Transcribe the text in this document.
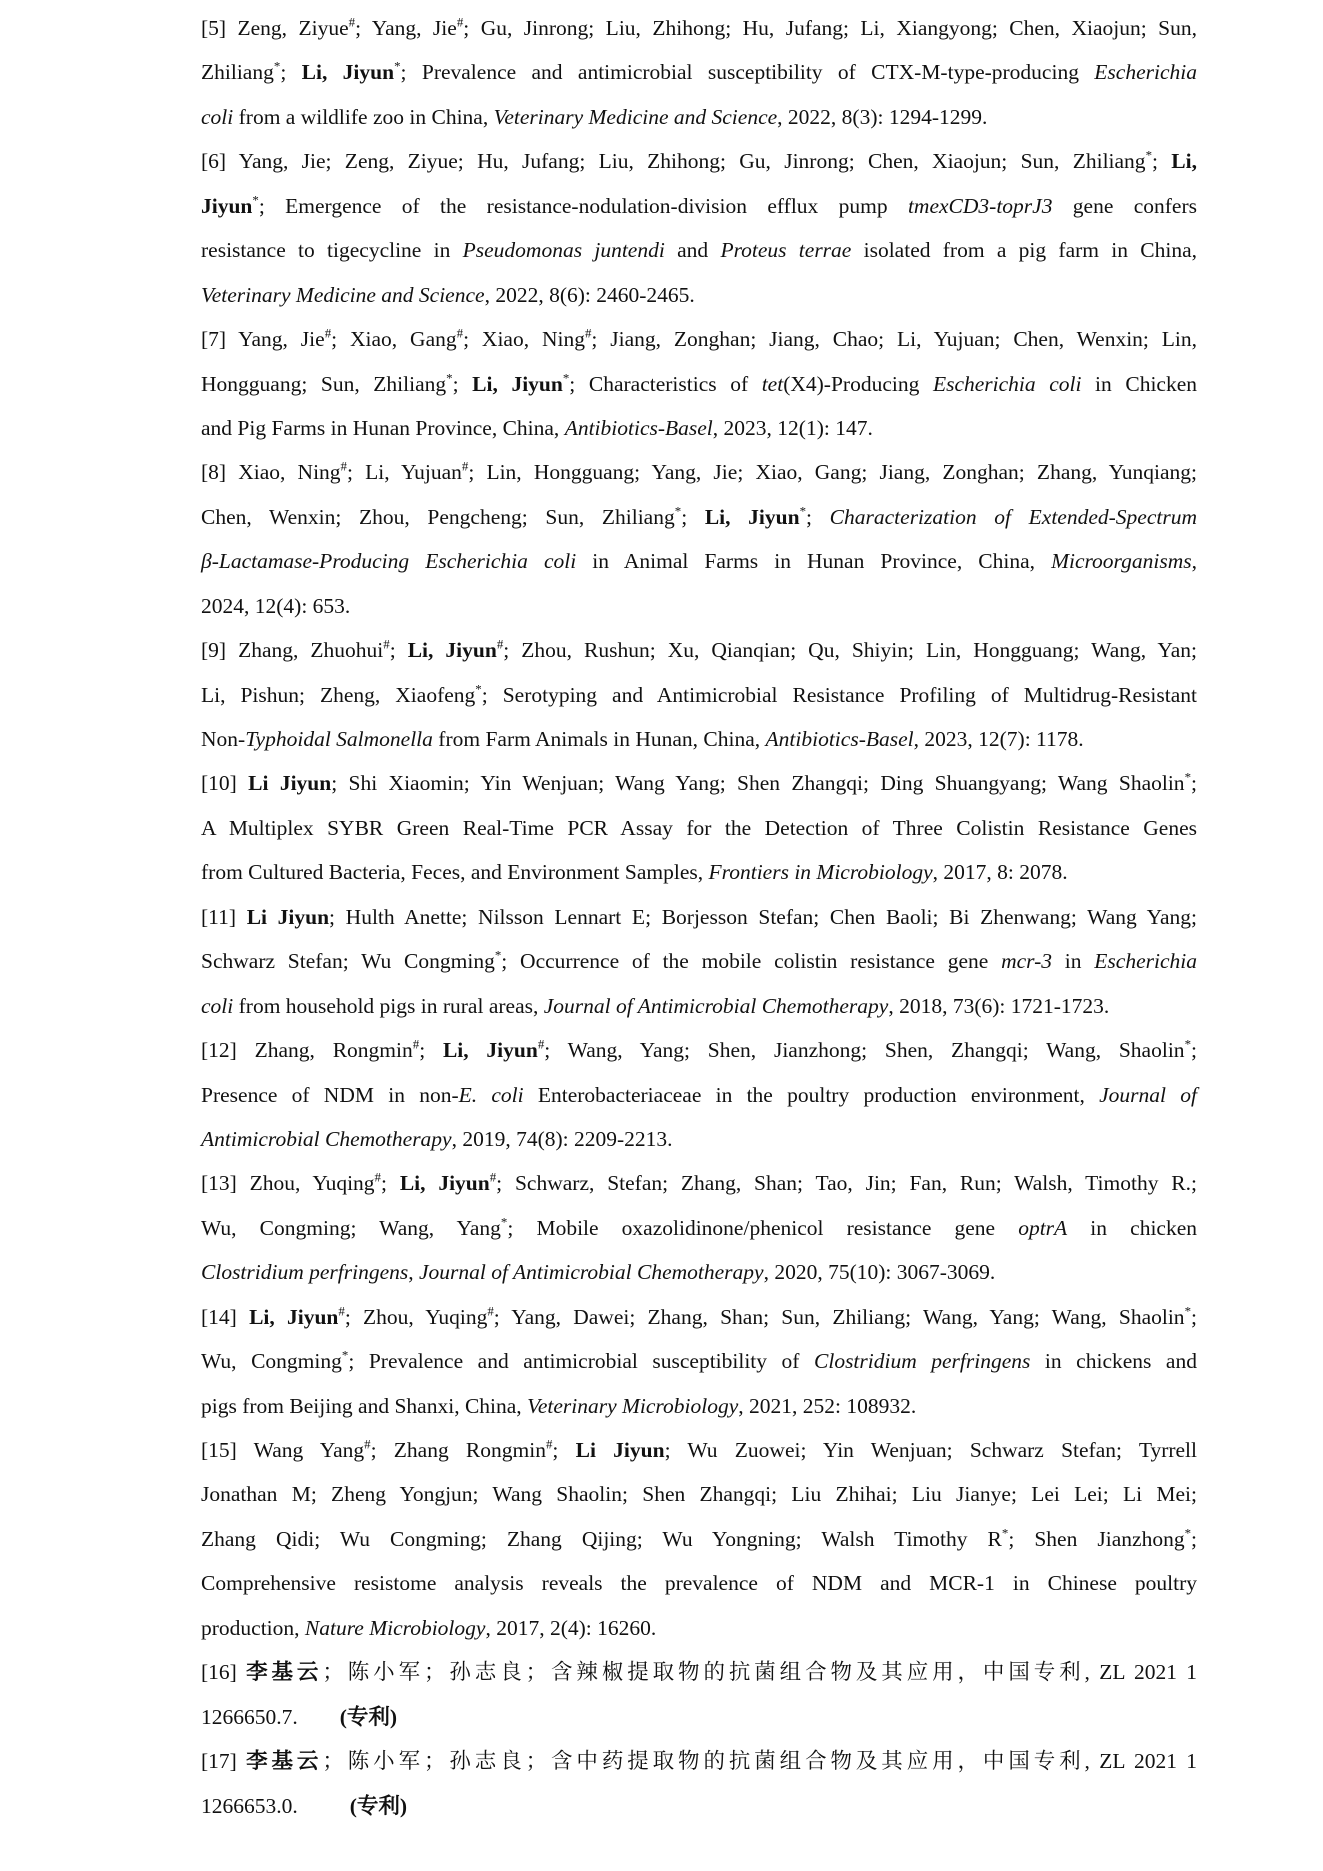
[5] Zeng, Ziyue#; Yang, Jie#; Gu, Jinrong; Liu, Zhihong; Hu, Jufang; Li, Xiangyong; Chen, Xiaojun; Sun,
Zhiliang*; Li, Jiyun*; Prevalence and antimicrobial susceptibility of CTX-M-type-producing Escherichia
coli from a wildlife zoo in China, Veterinary Medicine and Science, 2022, 8(3): 1294-1299.
[6] Yang, Jie; Zeng, Ziyue; Hu, Jufang; Liu, Zhihong; Gu, Jinrong; Chen, Xiaojun; Sun, Zhiliang*; Li,
Jiyun*; Emergence of the resistance-nodulation-division efflux pump tmexCD3-toprJ3 gene confers
resistance to tigecycline in Pseudomonas juntendi and Proteus terrae isolated from a pig farm in China,
Veterinary Medicine and Science, 2022, 8(6): 2460-2465.
[7] Yang, Jie#; Xiao, Gang#; Xiao, Ning#; Jiang, Zonghan; Jiang, Chao; Li, Yujuan; Chen, Wenxin; Lin,
Hongguang; Sun, Zhiliang*; Li, Jiyun*; Characteristics of tet(X4)-Producing Escherichia coli in Chicken
and Pig Farms in Hunan Province, China, Antibiotics-Basel, 2023, 12(1): 147.
[8] Xiao, Ning#; Li, Yujuan#; Lin, Hongguang; Yang, Jie; Xiao, Gang; Jiang, Zonghan; Zhang, Yunqiang;
Chen, Wenxin; Zhou, Pengcheng; Sun, Zhiliang*; Li, Jiyun*; Characterization of Extended-Spectrum
β-Lactamase-Producing Escherichia coli in Animal Farms in Hunan Province, China, Microorganisms,
2024, 12(4): 653.
[9] Zhang, Zhuohui#; Li, Jiyun#; Zhou, Rushun; Xu, Qianqian; Qu, Shiyin; Lin, Hongguang; Wang, Yan;
Li, Pishun; Zheng, Xiaofeng*; Serotyping and Antimicrobial Resistance Profiling of Multidrug-Resistant
Non-Typhoidal Salmonella from Farm Animals in Hunan, China, Antibiotics-Basel, 2023, 12(7): 1178.
[10] Li Jiyun; Shi Xiaomin; Yin Wenjuan; Wang Yang; Shen Zhangqi; Ding Shuangyang; Wang Shaolin*;
A Multiplex SYBR Green Real-Time PCR Assay for the Detection of Three Colistin Resistance Genes
from Cultured Bacteria, Feces, and Environment Samples, Frontiers in Microbiology, 2017, 8: 2078.
[11] Li Jiyun; Hulth Anette; Nilsson Lennart E; Borjesson Stefan; Chen Baoli; Bi Zhenwang; Wang Yang;
Schwarz Stefan; Wu Congming*; Occurrence of the mobile colistin resistance gene mcr-3 in Escherichia
coli from household pigs in rural areas, Journal of Antimicrobial Chemotherapy, 2018, 73(6): 1721-1723.
[12] Zhang, Rongmin#; Li, Jiyun#; Wang, Yang; Shen, Jianzhong; Shen, Zhangqi; Wang, Shaolin*;
Presence of NDM in non-E. coli Enterobacteriaceae in the poultry production environment, Journal of
Antimicrobial Chemotherapy, 2019, 74(8): 2209-2213.
[13] Zhou, Yuqing#; Li, Jiyun#; Schwarz, Stefan; Zhang, Shan; Tao, Jin; Fan, Run; Walsh, Timothy R.;
Wu, Congming; Wang, Yang*; Mobile oxazolidinone/phenicol resistance gene optrA in chicken
Clostridium perfringens, Journal of Antimicrobial Chemotherapy, 2020, 75(10): 3067-3069.
[14] Li, Jiyun#; Zhou, Yuqing#; Yang, Dawei; Zhang, Shan; Sun, Zhiliang; Wang, Yang; Wang, Shaolin*;
Wu, Congming*; Prevalence and antimicrobial susceptibility of Clostridium perfringens in chickens and
pigs from Beijing and Shanxi, China, Veterinary Microbiology, 2021, 252: 108932.
[15] Wang Yang#; Zhang Rongmin#; Li Jiyun; Wu Zuowei; Yin Wenjuan; Schwarz Stefan; Tyrrell
Jonathan M; Zheng Yongjun; Wang Shaolin; Shen Zhangqi; Liu Zhihai; Liu Jianye; Lei Lei; Li Mei;
Zhang Qidi; Wu Congming; Zhang Qijing; Wu Yongning; Walsh Timothy R*; Shen Jianzhong*;
Comprehensive resistome analysis reveals the prevalence of NDM and MCR-1 in Chinese poultry
production, Nature Microbiology, 2017, 2(4): 16260.
[16] 李基云；陈小军；孙志良；含辣椒提取物的抗菌组合物及其应用，中国专利, ZL 2021 1
1266650.7. (专利)
[17] 李基云；陈小军；孙志良；含中药提取物的抗菌组合物及其应用，中国专利, ZL 2021 1
1266653.0. (专利)
